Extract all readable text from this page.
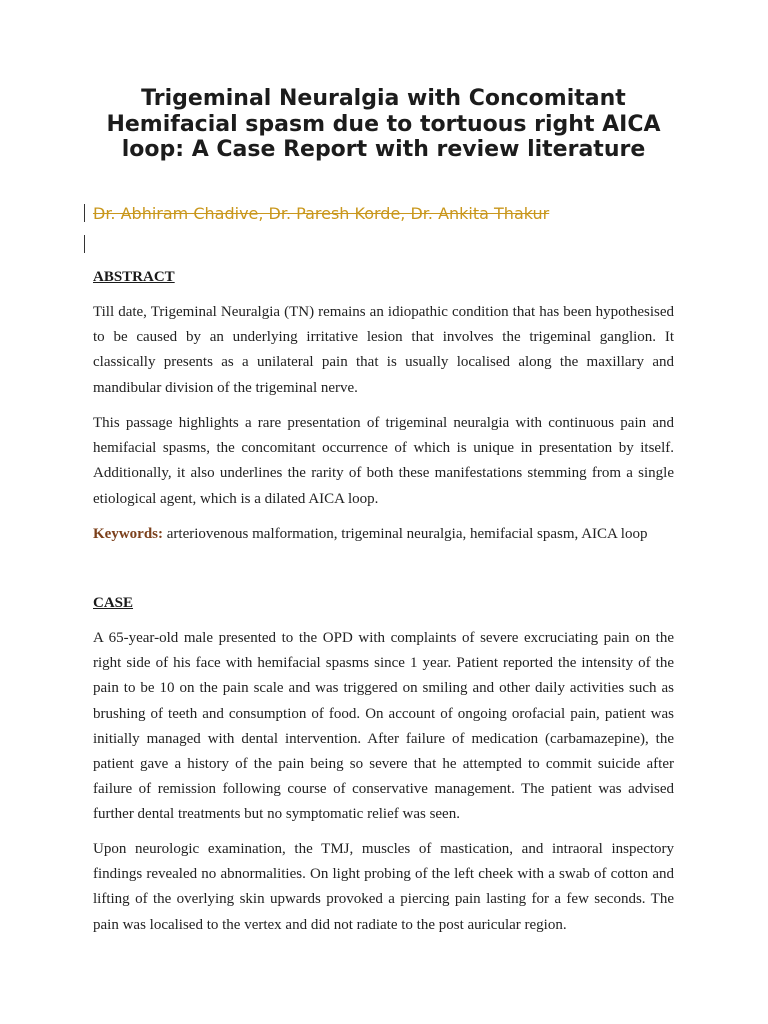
Trigeminal Neuralgia with Concomitant Hemifacial spasm due to tortuous right AICA loop: A Case Report with review literature
Dr. Abhiram Chadive, Dr. Paresh Korde, Dr. Ankita Thakur
ABSTRACT

Till date, Trigeminal Neuralgia (TN) remains an idiopathic condition that has been hypothesised to be caused by an underlying irritative lesion that involves the trigeminal ganglion. It classically presents as a unilateral pain that is usually localised along the maxillary and mandibular division of the trigeminal nerve.

This passage highlights a rare presentation of trigeminal neuralgia with continuous pain and hemifacial spasms, the concomitant occurrence of which is unique in presentation by itself. Additionally, it also underlines the rarity of both these manifestations stemming from a single etiological agent, which is a dilated AICA loop.

Keywords: arteriovenous malformation, trigeminal neuralgia, hemifacial spasm, AICA loop
CASE

A 65-year-old male presented to the OPD with complaints of severe excruciating pain on the right side of his face with hemifacial spasms since 1 year. Patient reported the intensity of the pain to be 10 on the pain scale and was triggered on smiling and other daily activities such as brushing of teeth and consumption of food. On account of ongoing orofacial pain, patient was initially managed with dental intervention. After failure of medication (carbamazepine), the patient gave a history of the pain being so severe that he attempted to commit suicide after failure of remission following course of conservative management. The patient was advised further dental treatments but no symptomatic relief was seen.

Upon neurologic examination, the TMJ, muscles of mastication, and intraoral inspectory findings revealed no abnormalities. On light probing of the left cheek with a swab of cotton and lifting of the overlying skin upwards provoked a piercing pain lasting for a few seconds. The pain was localised to the vertex and did not radiate to the post auricular region.
